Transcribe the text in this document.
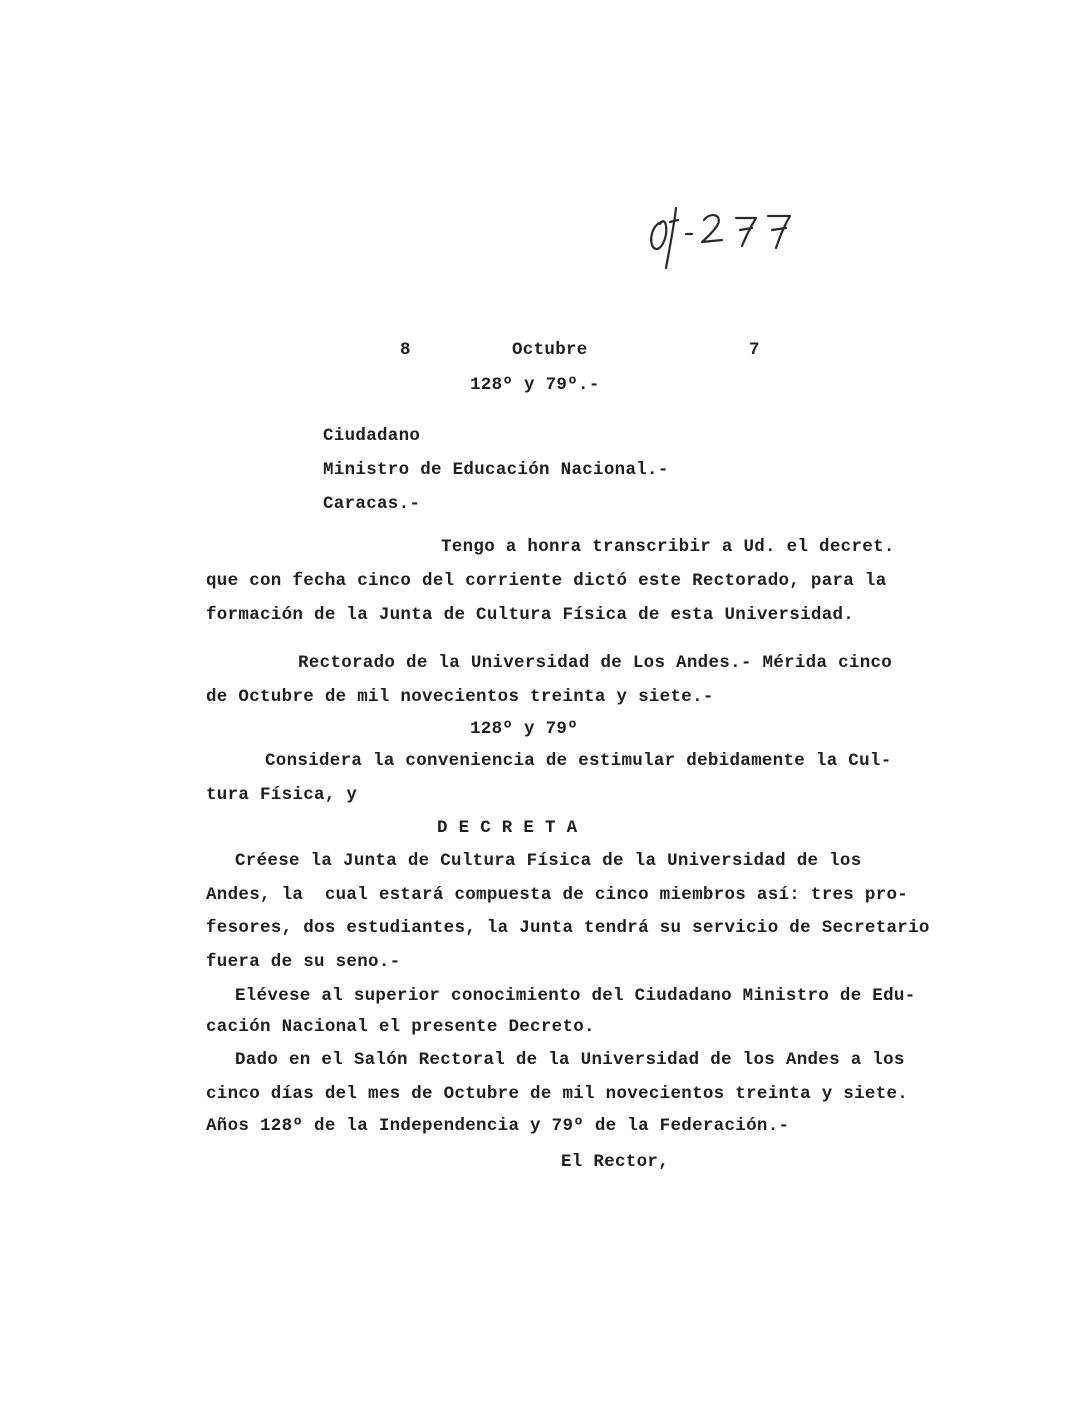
8	Octubre	7
128º y 79º.-
Ciudadano
Ministro de Educación Nacional.-
Caracas.-
Tengo a honra transcribir a Ud. el decret.
que con fecha cinco del corriente dictó este Rectorado, para la
formación de la Junta de Cultura Física de esta Universidad.
Rectorado de la Universidad de Los Andes.- Mérida cinco
de Octubre de mil novecientos treinta y siete.-
128º y 79º
Considera la conveniencia de estimular debidamente la Cul-
tura Física, y
D E C R E T A
Créese la Junta de Cultura Física de la Universidad de los
Andes, la  cual estará compuesta de cinco miembros así: tres pro-
fesores, dos estudiantes, la Junta tendrá su servicio de Secretario
fuera de su seno.-
Elévese al superior conocimiento del Ciudadano Ministro de Edu-
cación Nacional el presente Decreto.
Dado en el Salón Rectoral de la Universidad de los Andes a los
cinco días del mes de Octubre de mil novecientos treinta y siete.
Años 128º de la Independencia y 79º de la Federación.-
El Rector,
